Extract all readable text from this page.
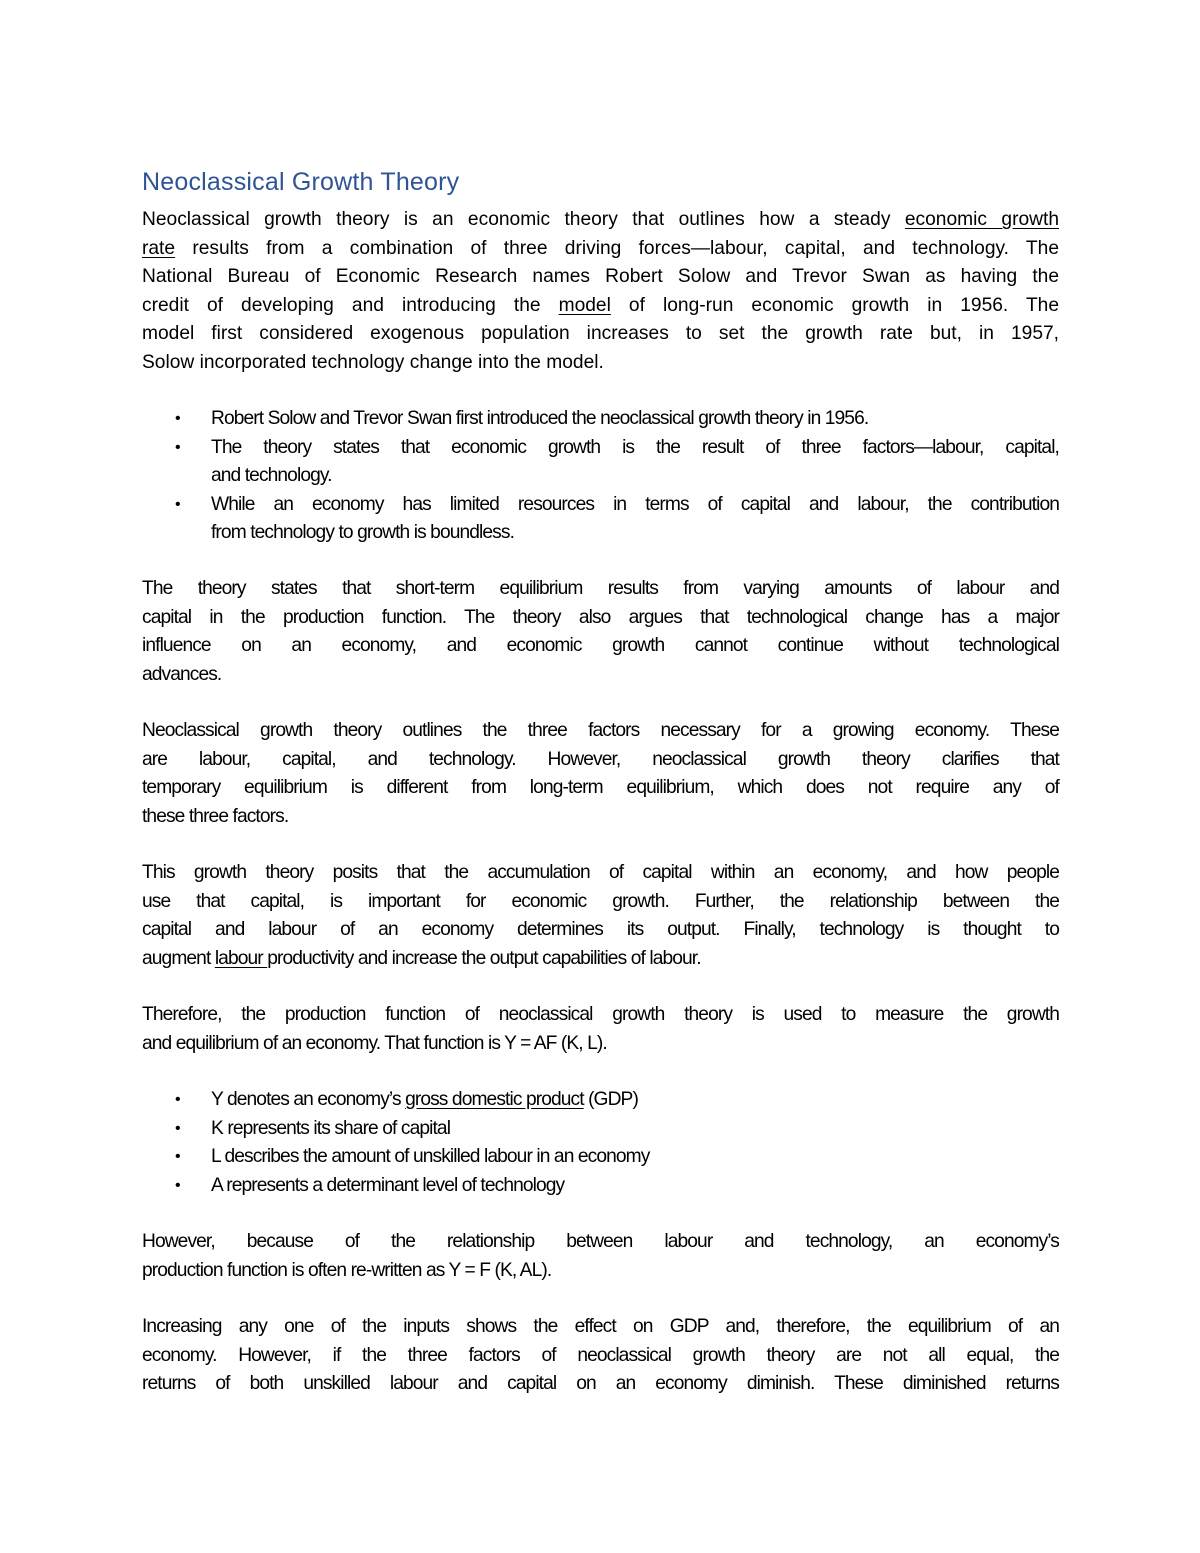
Neoclassical Growth Theory
Neoclassical growth theory is an economic theory that outlines how a steady economic growth
rate results from a combination of three driving forces—labour, capital, and technology. The
National Bureau of Economic Research names Robert Solow and Trevor Swan as having the
credit of developing and introducing the model of long-run economic growth in 1956. The
model first considered exogenous population increases to set the growth rate but, in 1957,
Solow incorporated technology change into the model.
• Robert Solow and Trevor Swan first introduced the neoclassical growth theory in 1956.
• The theory states that economic growth is the result of three factors—labour, capital,
and technology.
• While an economy has limited resources in terms of capital and labour, the contribution
from technology to growth is boundless.
The theory states that short-term equilibrium results from varying amounts of labour and
capital in the production function. The theory also argues that technological change has a major
influence on an economy, and economic growth cannot continue without technological
advances.
Neoclassical growth theory outlines the three factors necessary for a growing economy. These
are labour, capital, and technology. However, neoclassical growth theory clarifies that
temporary equilibrium is different from long-term equilibrium, which does not require any of
these three factors.
This growth theory posits that the accumulation of capital within an economy, and how people
use that capital, is important for economic growth. Further, the relationship between the
capital and labour of an economy determines its output. Finally, technology is thought to
augment labour productivity and increase the output capabilities of labour.
Therefore, the production function of neoclassical growth theory is used to measure the growth
and equilibrium of an economy. That function is Y = AF (K, L).
• Y denotes an economy’s gross domestic product (GDP)
• K represents its share of capital
• L describes the amount of unskilled labour in an economy
• A represents a determinant level of technology
However, because of the relationship between labour and technology, an economy’s
production function is often re-written as Y = F (K, AL).
Increasing any one of the inputs shows the effect on GDP and, therefore, the equilibrium of an
economy. However, if the three factors of neoclassical growth theory are not all equal, the
returns of both unskilled labour and capital on an economy diminish. These diminished returns
